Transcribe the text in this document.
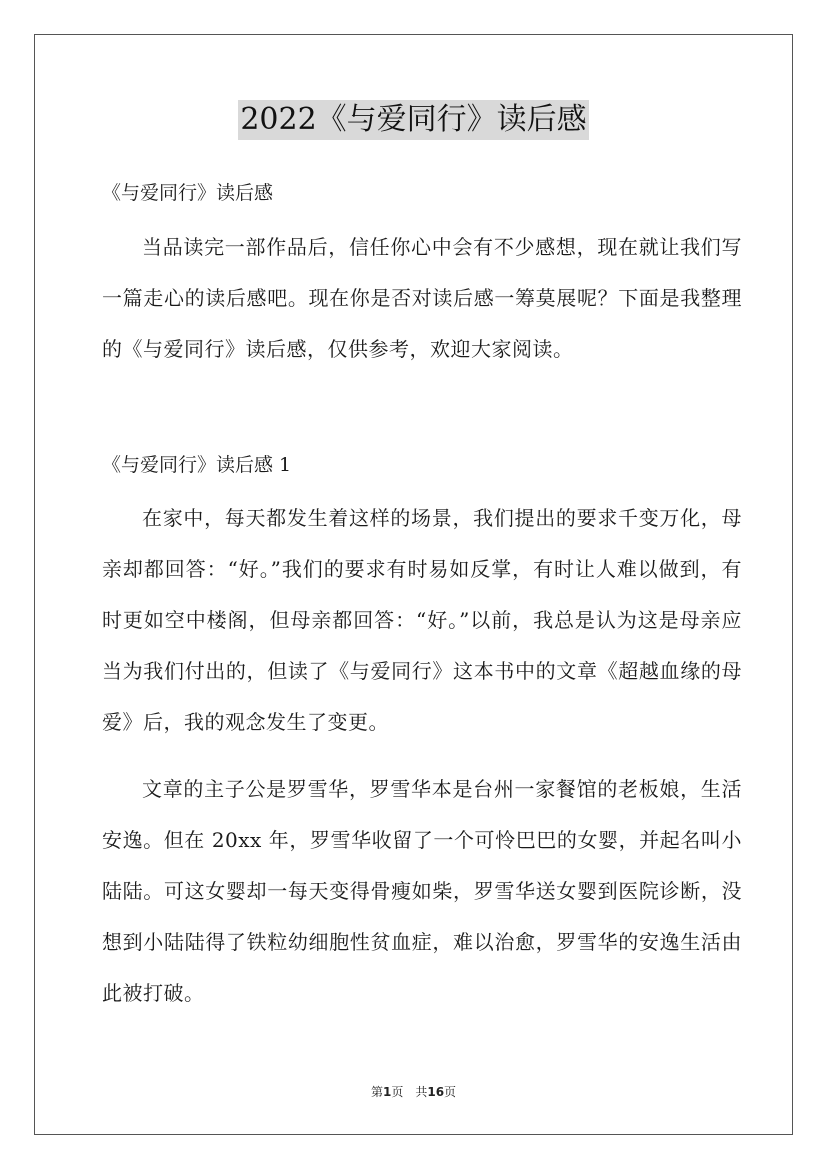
2022《与爱同行》读后感
《与爱同行》读后感
当品读完一部作品后，信任你心中会有不少感想，现在就让我们写一篇走心的读后感吧。现在你是否对读后感一筹莫展呢？下面是我整理的《与爱同行》读后感，仅供参考，欢迎大家阅读。
《与爱同行》读后感 1
在家中，每天都发生着这样的场景，我们提出的要求千变万化，母亲却都回答：“好。”我们的要求有时易如反掌，有时让人难以做到，有时更如空中楼阁，但母亲都回答：“好。”以前，我总是认为这是母亲应当为我们付出的，但读了《与爱同行》这本书中的文章《超越血缘的母爱》后，我的观念发生了变更。
文章的主子公是罗雪华，罗雪华本是台州一家餐馆的老板娘，生活安逸。但在 20xx 年，罗雪华收留了一个可怜巴巴的女婴，并起名叫小陆陆。可这女婴却一每天变得骨瘦如柴，罗雪华送女婴到医院诊断，没想到小陆陆得了铁粒幼细胞性贫血症，难以治愈，罗雪华的安逸生活由此被打破。
第1页 共16页
